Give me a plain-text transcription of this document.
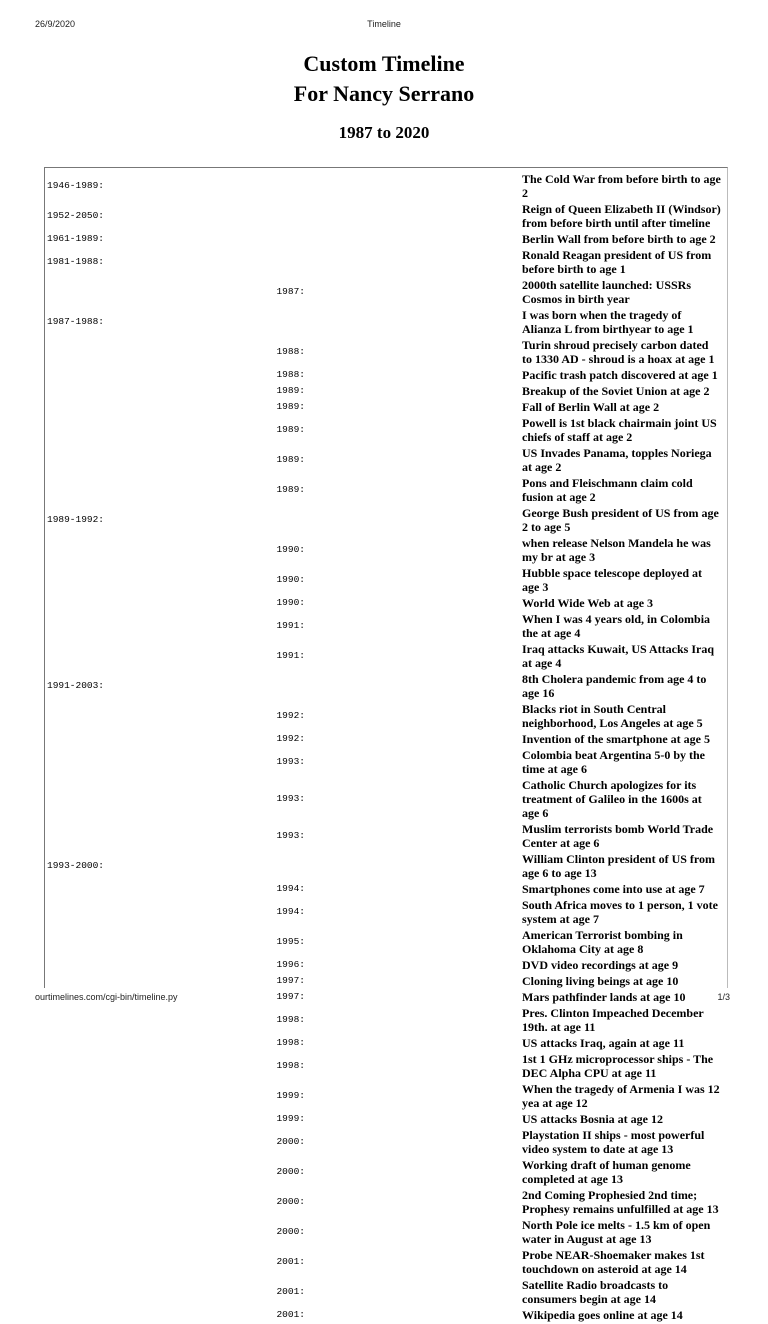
26/9/2020	Timeline
Custom Timeline
For Nancy Serrano
1987 to 2020
1946-1989:	The Cold War from before birth to age 2
1952-2050:	Reign of Queen Elizabeth II (Windsor) from before birth until after timeline
1961-1989:	Berlin Wall from before birth to age 2
1981-1988:	Ronald Reagan president of US from before birth to age 1
1987:	2000th satellite launched: USSRs Cosmos in birth year
1987-1988:	I was born when the tragedy of Alianza L from birthyear to age 1
1988:	Turin shroud precisely carbon dated to 1330 AD - shroud is a hoax at age 1
1988:	Pacific trash patch discovered at age 1
1989:	Breakup of the Soviet Union at age 2
1989:	Fall of Berlin Wall at age 2
1989:	Powell is 1st black chairmain joint US chiefs of staff at age 2
1989:	US Invades Panama, topples Noriega at age 2
1989:	Pons and Fleischmann claim cold fusion at age 2
1989-1992:	George Bush president of US from age 2 to age 5
1990:	when release Nelson Mandela he was my br at age 3
1990:	Hubble space telescope deployed at age 3
1990:	World Wide Web at age 3
1991:	When I was 4 years old, in Colombia the at age 4
1991:	Iraq attacks Kuwait, US Attacks Iraq at age 4
1991-2003:	8th Cholera pandemic from age 4 to age 16
1992:	Blacks riot in South Central neighborhood, Los Angeles at age 5
1992:	Invention of the smartphone at age 5
1993:	Colombia beat Argentina 5-0 by the time at age 6
1993:	Catholic Church apologizes for its treatment of Galileo in the 1600s at age 6
1993:	Muslim terrorists bomb World Trade Center at age 6
1993-2000:	William Clinton president of US from age 6 to age 13
1994:	Smartphones come into use at age 7
1994:	South Africa moves to 1 person, 1 vote system at age 7
1995:	American Terrorist bombing in Oklahoma City at age 8
1996:	DVD video recordings at age 9
1997:	Cloning living beings at age 10
1997:	Mars pathfinder lands at age 10
1998:	Pres. Clinton Impeached December 19th. at age 11
1998:	US attacks Iraq, again at age 11
1998:	1st 1 GHz microprocessor ships - The DEC Alpha CPU at age 11
1999:	When the tragedy of Armenia I was 12 yea at age 12
1999:	US attacks Bosnia at age 12
2000:	Playstation II ships - most powerful video system to date at age 13
2000:	Working draft of human genome completed at age 13
2000:	2nd Coming Prophesied 2nd time; Prophesy remains unfulfilled at age 13
2000:	North Pole ice melts - 1.5 km of open water in August at age 13
2001:	Probe NEAR-Shoemaker makes 1st touchdown on asteroid at age 14
2001:	Satellite Radio broadcasts to consumers begin at age 14
2001:	Wikipedia goes online at age 14
ourtimelines.com/cgi-bin/timeline.py	1/3
